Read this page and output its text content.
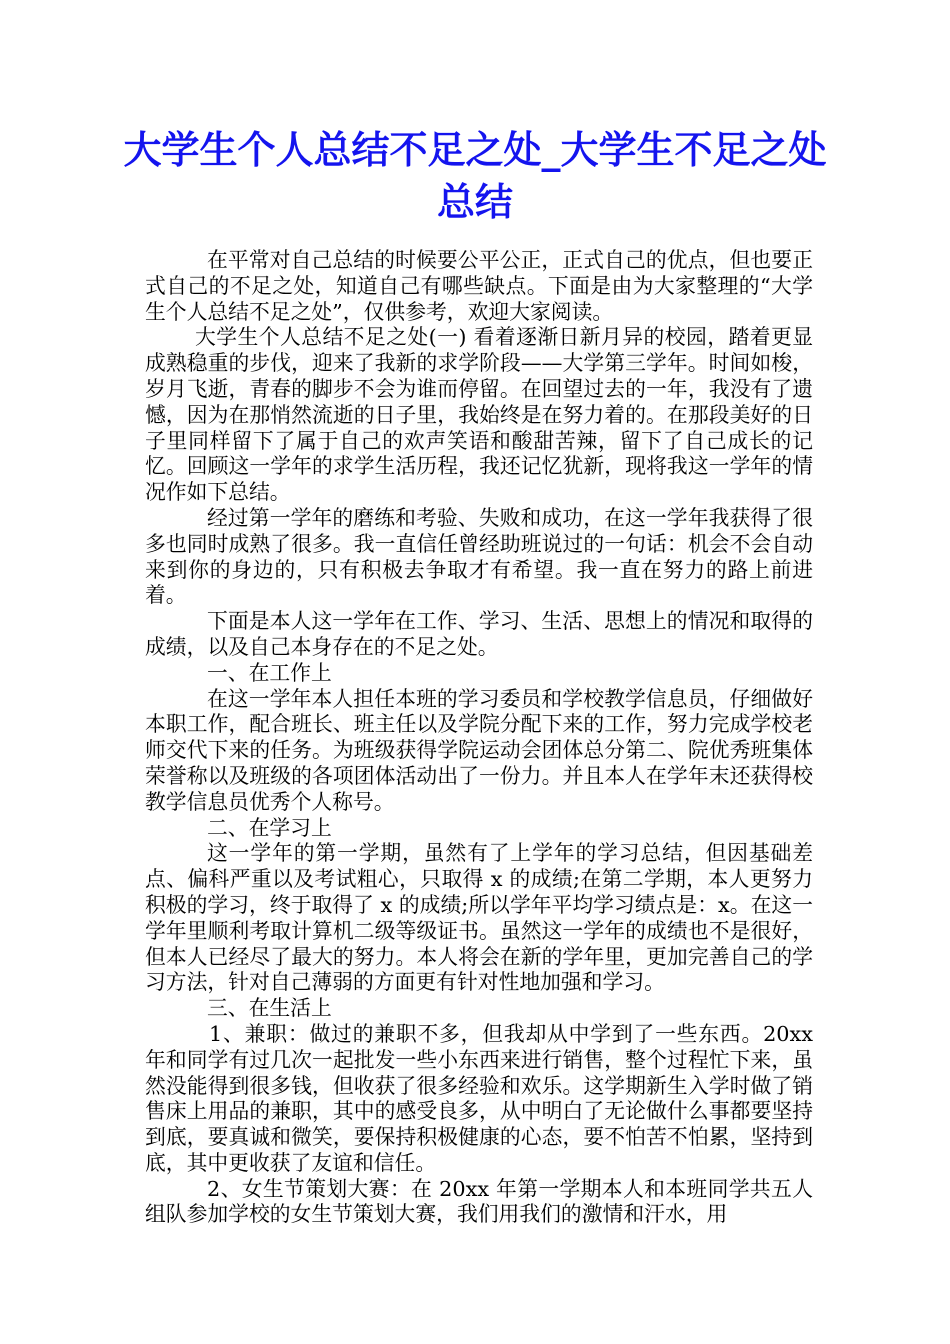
大学生个人总结不足之处_大学生不足之处总结

在平常对自己总结的时候要公平公正，正式自己的优点，但也要正式自己的不足之处，知道自己有哪些缺点。下面是由为大家整理的“大学生个人总结不足之处”，仅供参考，欢迎大家阅读。

大学生个人总结不足之处(一) 看着逐渐日新月异的校园，踏着更显成熟稳重的步伐，迎来了我新的求学阶段——大学第三学年。时间如梭，岁月飞逝，青春的脚步不会为谁而停留。在回望过去的一年，我没有了遗憾，因为在那悄然流逝的日子里，我始终是在努力着的。在那段美好的日子里同样留下了属于自己的欢声笑语和酸甜苦辣，留下了自己成长的记忆。回顾这一学年的求学生活历程，我还记忆犹新，现将我这一学年的情况作如下总结。

经过第一学年的磨练和考验、失败和成功，在这一学年我获得了很多也同时成熟了很多。我一直信任曾经助班说过的一句话：机会不会自动来到你的身边的，只有积极去争取才有希望。我一直在努力的路上前进着。

下面是本人这一学年在工作、学习、生活、思想上的情况和取得的成绩，以及自己本身存在的不足之处。

一、在工作上

在这一学年本人担任本班的学习委员和学校教学信息员，仔细做好本职工作，配合班长、班主任以及学院分配下来的工作，努力完成学校老师交代下来的任务。为班级获得学院运动会团体总分第二、院优秀班集体荣誉称以及班级的各项团体活动出了一份力。并且本人在学年末还获得校教学信息员优秀个人称号。

二、在学习上

这一学年的第一学期，虽然有了上学年的学习总结，但因基础差点、偏科严重以及考试粗心，只取得 x 的成绩;在第二学期，本人更努力积极的学习，终于取得了 x 的成绩;所以学年平均学习绩点是：x。在这一学年里顺利考取计算机二级等级证书。虽然这一学年的成绩也不是很好，但本人已经尽了最大的努力。本人将会在新的学年里，更加完善自己的学习方法，针对自己薄弱的方面更有针对性地加强和学习。

三、在生活上

1、兼职：做过的兼职不多，但我却从中学到了一些东西。20xx 年和同学有过几次一起批发一些小东西来进行销售，整个过程忙下来，虽然没能得到很多钱，但收获了很多经验和欢乐。这学期新生入学时做了销售床上用品的兼职，其中的感受良多，从中明白了无论做什么事都要坚持到底，要真诚和微笑，要保持积极健康的心态，要不怕苦不怕累，坚持到底，其中更收获了友谊和信任。

2、女生节策划大赛：在 20xx 年第一学期本人和本班同学共五人组队参加学校的女生节策划大赛，我们用我们的激情和汗水，用
